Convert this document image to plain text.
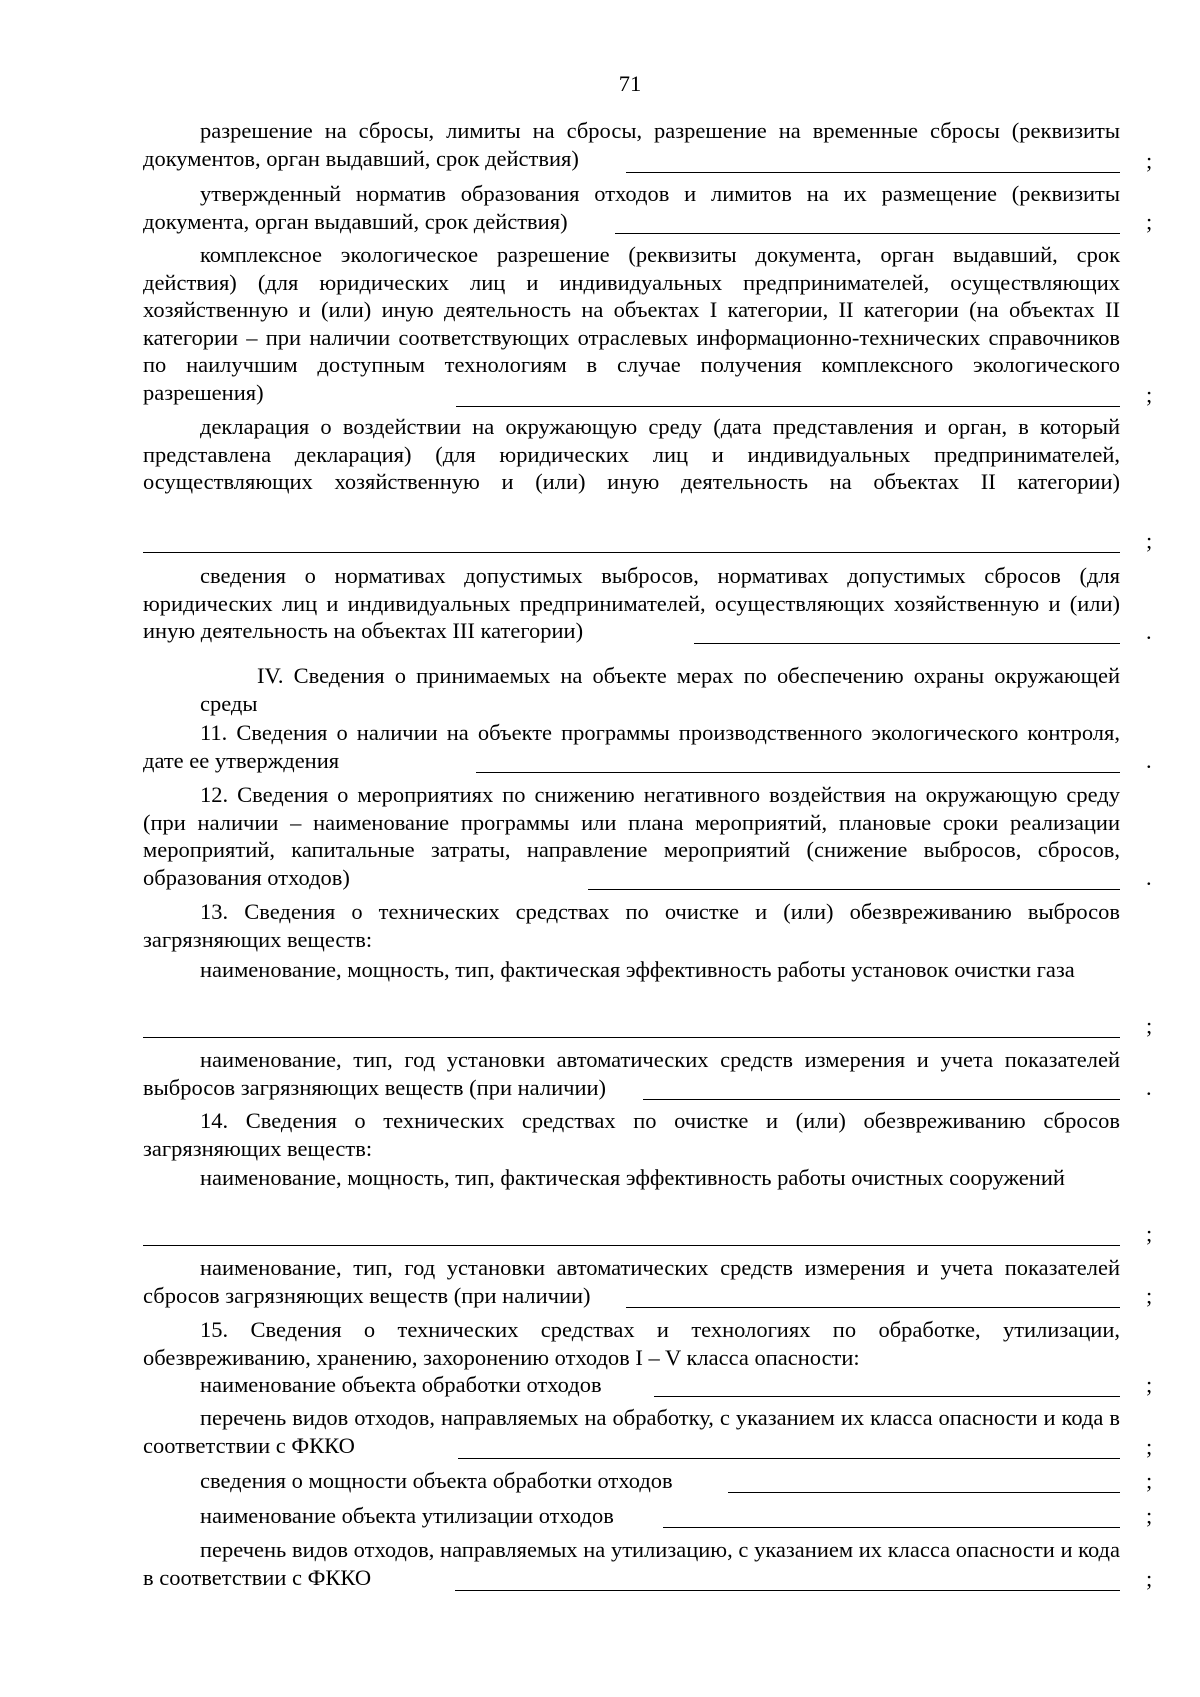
71
разрешение на сбросы, лимиты на сбросы, разрешение на временные сбросы (реквизиты документов, орган выдавший, срок действия)	;
утвержденный норматив образования отходов и лимитов на их размещение (реквизиты документа, орган выдавший, срок действия)	;
комплексное экологическое разрешение (реквизиты документа, орган выдавший, срок действия) (для юридических лиц и индивидуальных предпринимателей, осуществляющих хозяйственную и (или) иную деятельность на объектах I категории, II категории (на объектах II категории – при наличии соответствующих отраслевых информационно-технических справочников по наилучшим доступным технологиям в случае получения комплексного экологического разрешения)	;
декларация о воздействии на окружающую среду (дата представления и орган, в который представлена декларация) (для юридических лиц и индивидуальных предпринимателей, осуществляющих хозяйственную и (или) иную деятельность на объектах II категории)
;
сведения о нормативах допустимых выбросов, нормативах допустимых сбросов (для юридических лиц и индивидуальных предпринимателей, осуществляющих хозяйственную и (или) иную деятельность на объектах III категории)	.
IV. Сведения о принимаемых на объекте мерах по обеспечению охраны окружающей среды
11. Сведения о наличии на объекте программы производственного экологического контроля, дате ее утверждения	.
12. Сведения о мероприятиях по снижению негативного воздействия на окружающую среду (при наличии – наименование программы или плана мероприятий, плановые сроки реализации мероприятий, капитальные затраты, направление мероприятий (снижение выбросов, сбросов, образования отходов)	.
13. Сведения о технических средствах по очистке и (или) обезвреживанию выбросов загрязняющих веществ:
наименование, мощность, тип, фактическая эффективность работы установок очистки газа
;
наименование, тип, год установки автоматических средств измерения и учета показателей выбросов загрязняющих веществ (при наличии)	.
14. Сведения о технических средствах по очистке и (или) обезвреживанию сбросов загрязняющих веществ:
наименование, мощность, тип, фактическая эффективность работы очистных сооружений
;
наименование, тип, год установки автоматических средств измерения и учета показателей сбросов загрязняющих веществ (при наличии)	;
15. Сведения о технических средствах и технологиях по обработке, утилизации, обезвреживанию, хранению, захоронению отходов I – V класса опасности:
наименование объекта обработки отходов	;
перечень видов отходов, направляемых на обработку, с указанием их класса опасности и кода в соответствии с ФККО	;
сведения о мощности объекта обработки отходов	;
наименование объекта утилизации отходов	;
перечень видов отходов, направляемых на утилизацию, с указанием их класса опасности и кода в соответствии с ФККО	;
